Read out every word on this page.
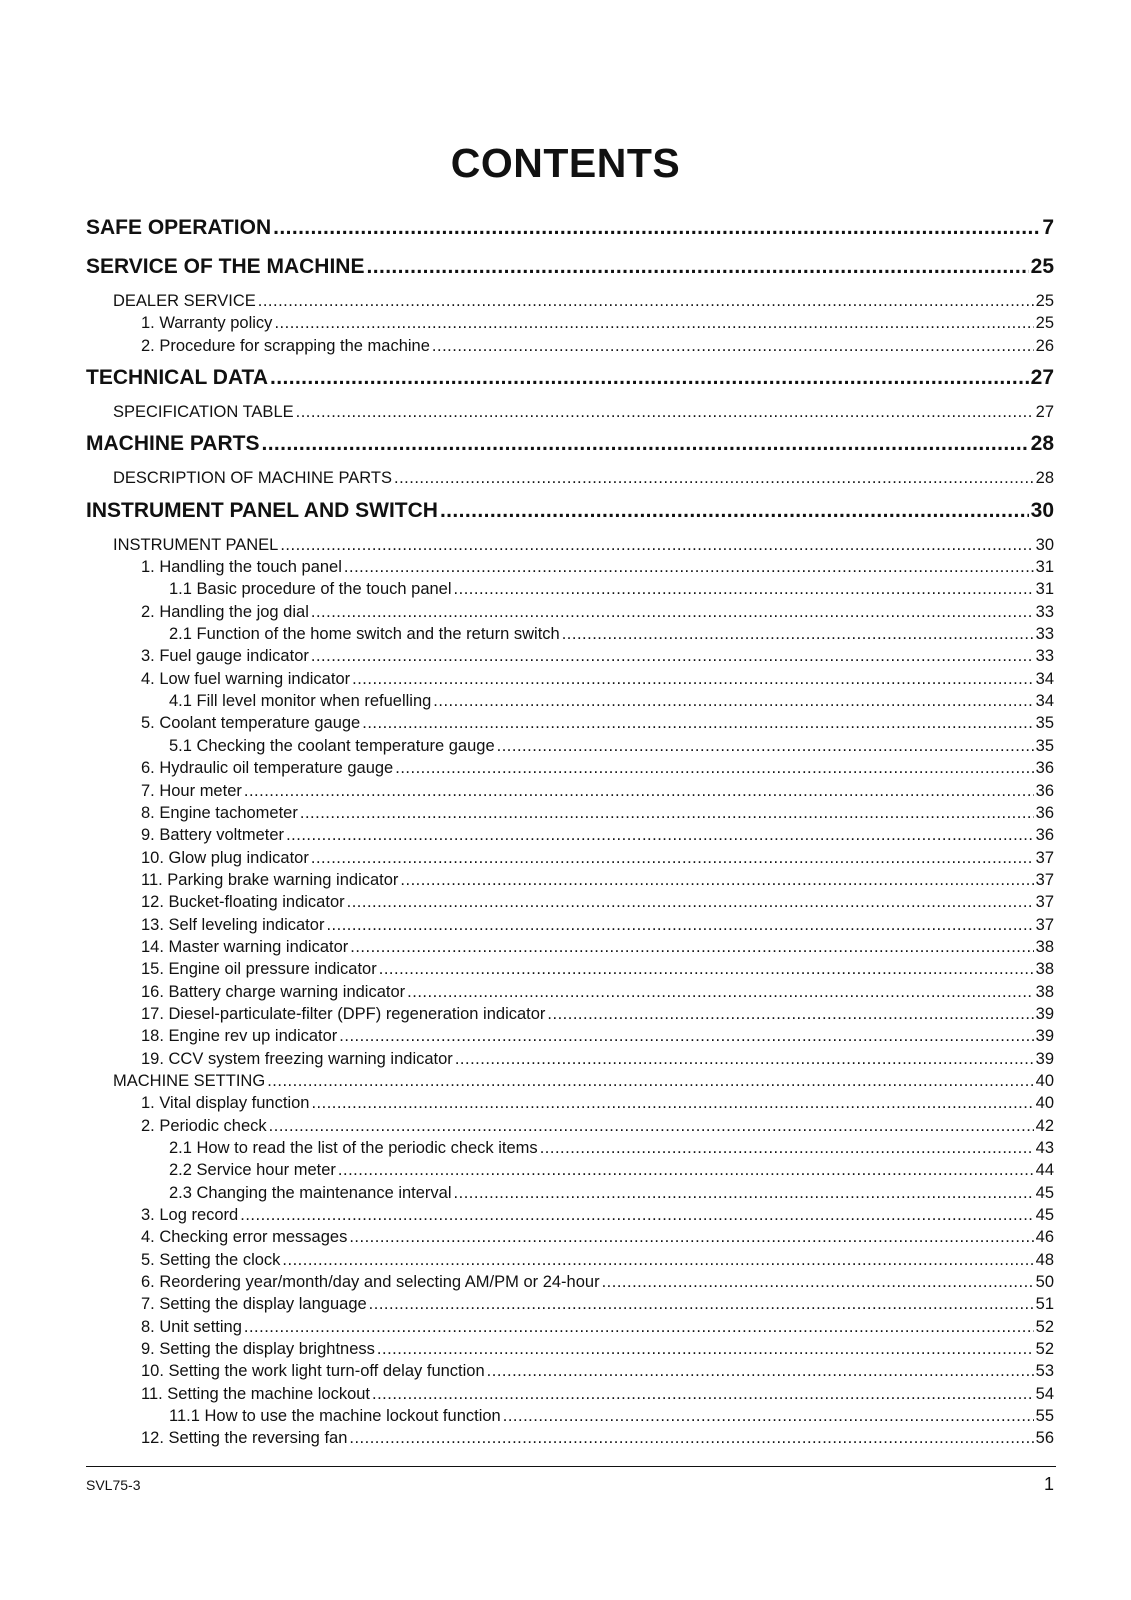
CONTENTS
SAFE OPERATION .....	7
SERVICE OF THE MACHINE .....	25
DEALER SERVICE .....	25
1. Warranty policy .....	25
2. Procedure for scrapping the machine .....	26
TECHNICAL DATA .....	27
SPECIFICATION TABLE .....	27
MACHINE PARTS .....	28
DESCRIPTION OF MACHINE PARTS .....	28
INSTRUMENT PANEL AND SWITCH .....	30
INSTRUMENT PANEL .....	30
1. Handling the touch panel .....	31
1.1 Basic procedure of the touch panel .....	31
2. Handling the jog dial .....	33
2.1 Function of the home switch and the return switch .....	33
3. Fuel gauge indicator .....	33
4. Low fuel warning indicator .....	34
4.1 Fill level monitor when refuelling .....	34
5. Coolant temperature gauge .....	35
5.1 Checking the coolant temperature gauge .....	35
6. Hydraulic oil temperature gauge .....	36
7. Hour meter .....	36
8. Engine tachometer .....	36
9. Battery voltmeter .....	36
10. Glow plug indicator .....	37
11. Parking brake warning indicator .....	37
12. Bucket-floating indicator .....	37
13. Self leveling indicator .....	37
14. Master warning indicator .....	38
15. Engine oil pressure indicator .....	38
16. Battery charge warning indicator .....	38
17. Diesel-particulate-filter (DPF) regeneration indicator .....	39
18. Engine rev up indicator .....	39
19. CCV system freezing warning indicator .....	39
MACHINE SETTING .....	40
1. Vital display function .....	40
2. Periodic check .....	42
2.1 How to read the list of the periodic check items .....	43
2.2 Service hour meter .....	44
2.3 Changing the maintenance interval .....	45
3. Log record .....	45
4. Checking error messages .....	46
5. Setting the clock .....	48
6. Reordering year/month/day and selecting AM/PM or 24-hour .....	50
7. Setting the display language .....	51
8. Unit setting .....	52
9. Setting the display brightness .....	52
10. Setting the work light turn-off delay function .....	53
11. Setting the machine lockout .....	54
11.1 How to use the machine lockout function .....	55
12. Setting the reversing fan .....	56
SVL75-3	1
